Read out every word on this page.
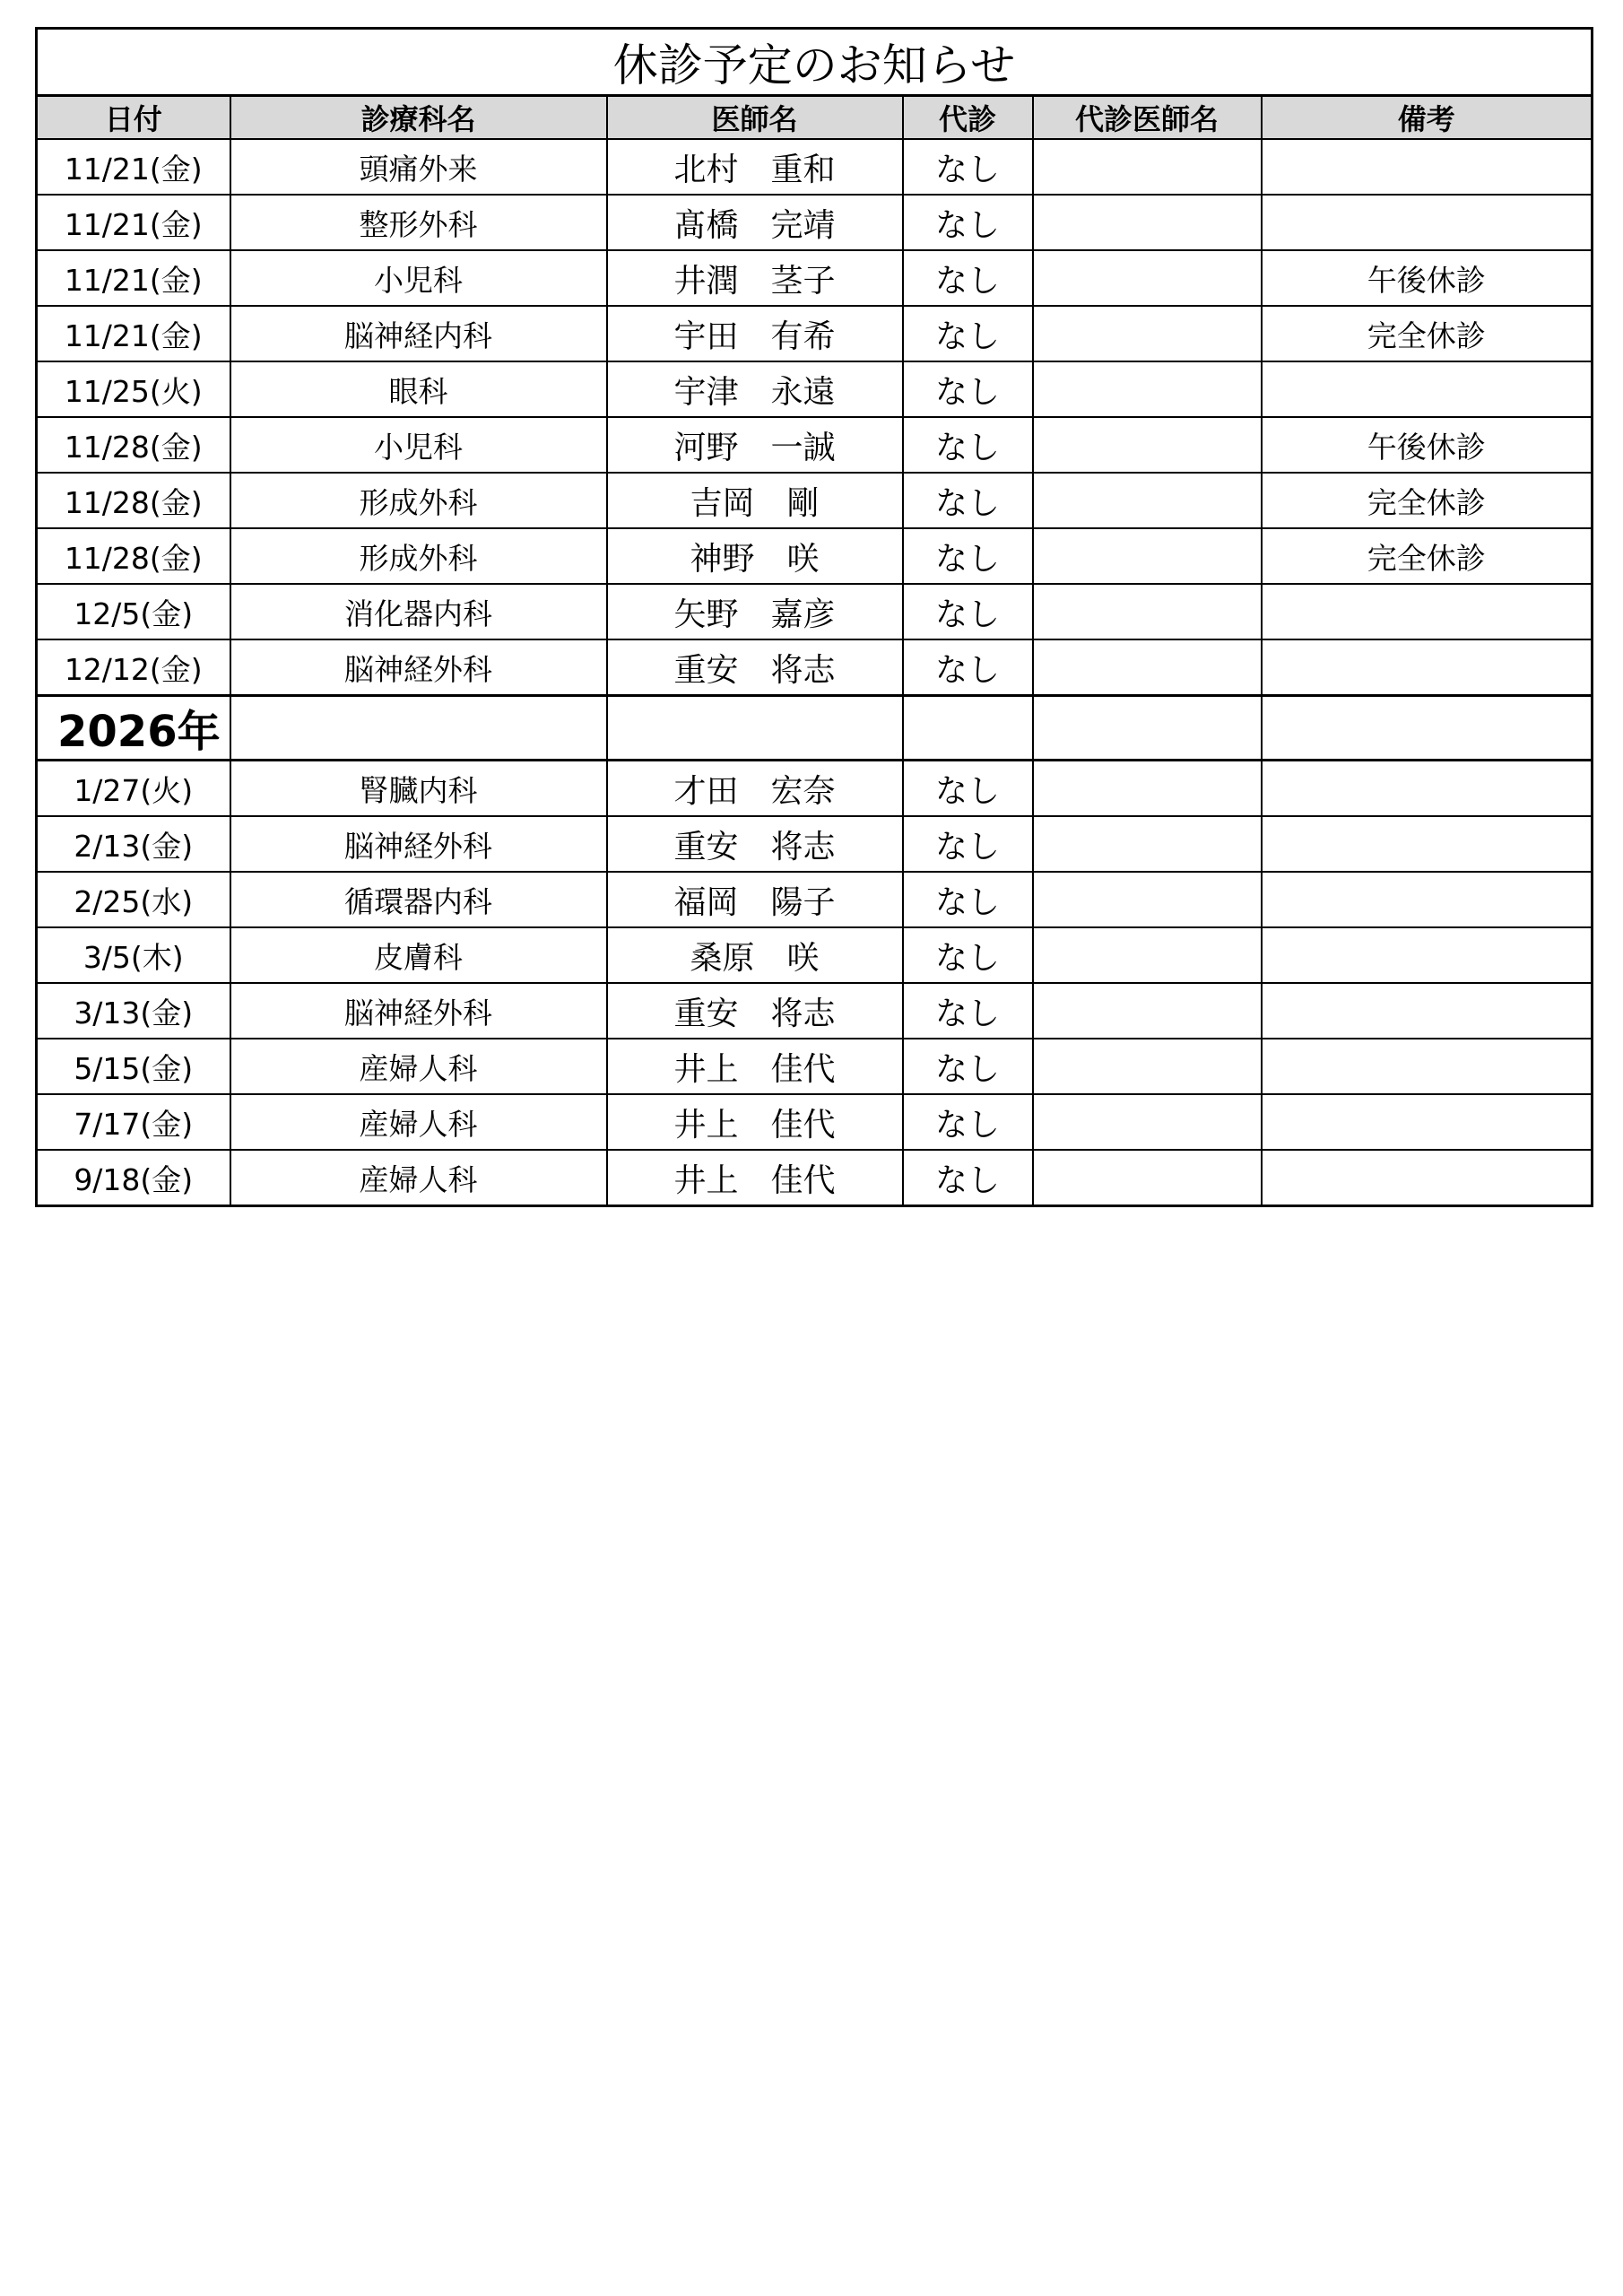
休診予定のお知らせ					
日付	診療科名	医師名	代診	代診医師名	備考
11/21(金)	頭痛外来	北村　重和	なし		
11/21(金)	整形外科	髙橋　完靖	なし		
11/21(金)	小児科	井潤　茎子	なし		午後休診
11/21(金)	脳神経内科	宇田　有希	なし		完全休診
11/25(火)	眼科	宇津　永遠	なし		
11/28(金)	小児科	河野　一誠	なし		午後休診
11/28(金)	形成外科	吉岡　剛	なし		完全休診
11/28(金)	形成外科	神野　咲	なし		完全休診
12/5(金)	消化器内科	矢野　嘉彦	なし		
12/12(金)	脳神経外科	重安　将志	なし		
2026年					
1/27(火)	腎臓内科	才田　宏奈	なし		
2/13(金)	脳神経外科	重安　将志	なし		
2/25(水)	循環器内科	福岡　陽子	なし		
3/5(木)	皮膚科	桑原　咲	なし		
3/13(金)	脳神経外科	重安　将志	なし		
5/15(金)	産婦人科	井上　佳代	なし		
7/17(金)	産婦人科	井上　佳代	なし		
9/18(金)	産婦人科	井上　佳代	なし		
